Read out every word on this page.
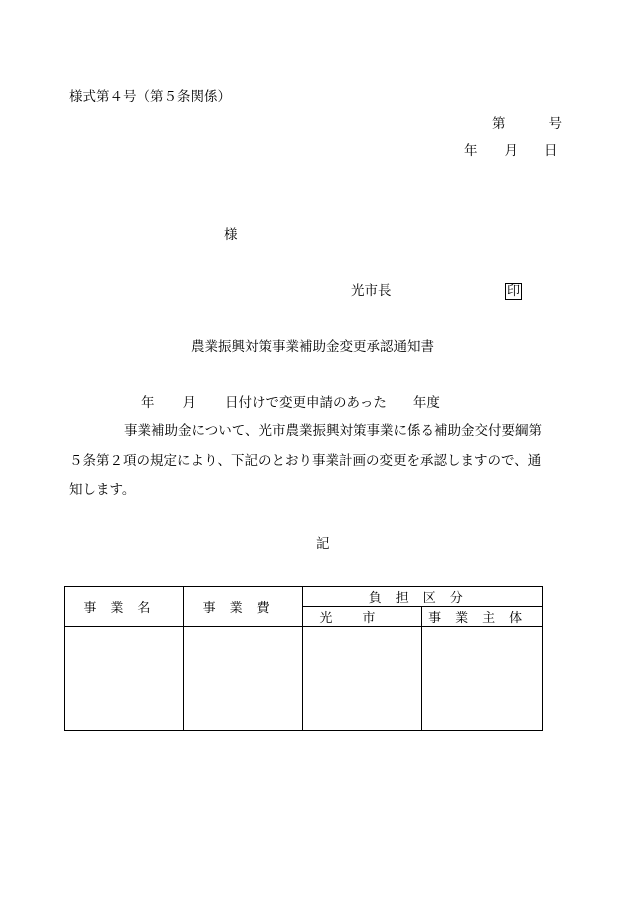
様式第４号（第５条関係）
第	号
年 月 日
様
光市長	印
農業振興対策事業補助金変更承認通知書
年 月 日付けで変更申請のあった 年度
事業補助金について、光市農業振興対策事業に係る補助金交付要綱第
５条第２項の規定により、下記のとおり事業計画の変更を承認しますので、通
知します。
記
事業名	事業費	負担区分	
		光市	事業主体
